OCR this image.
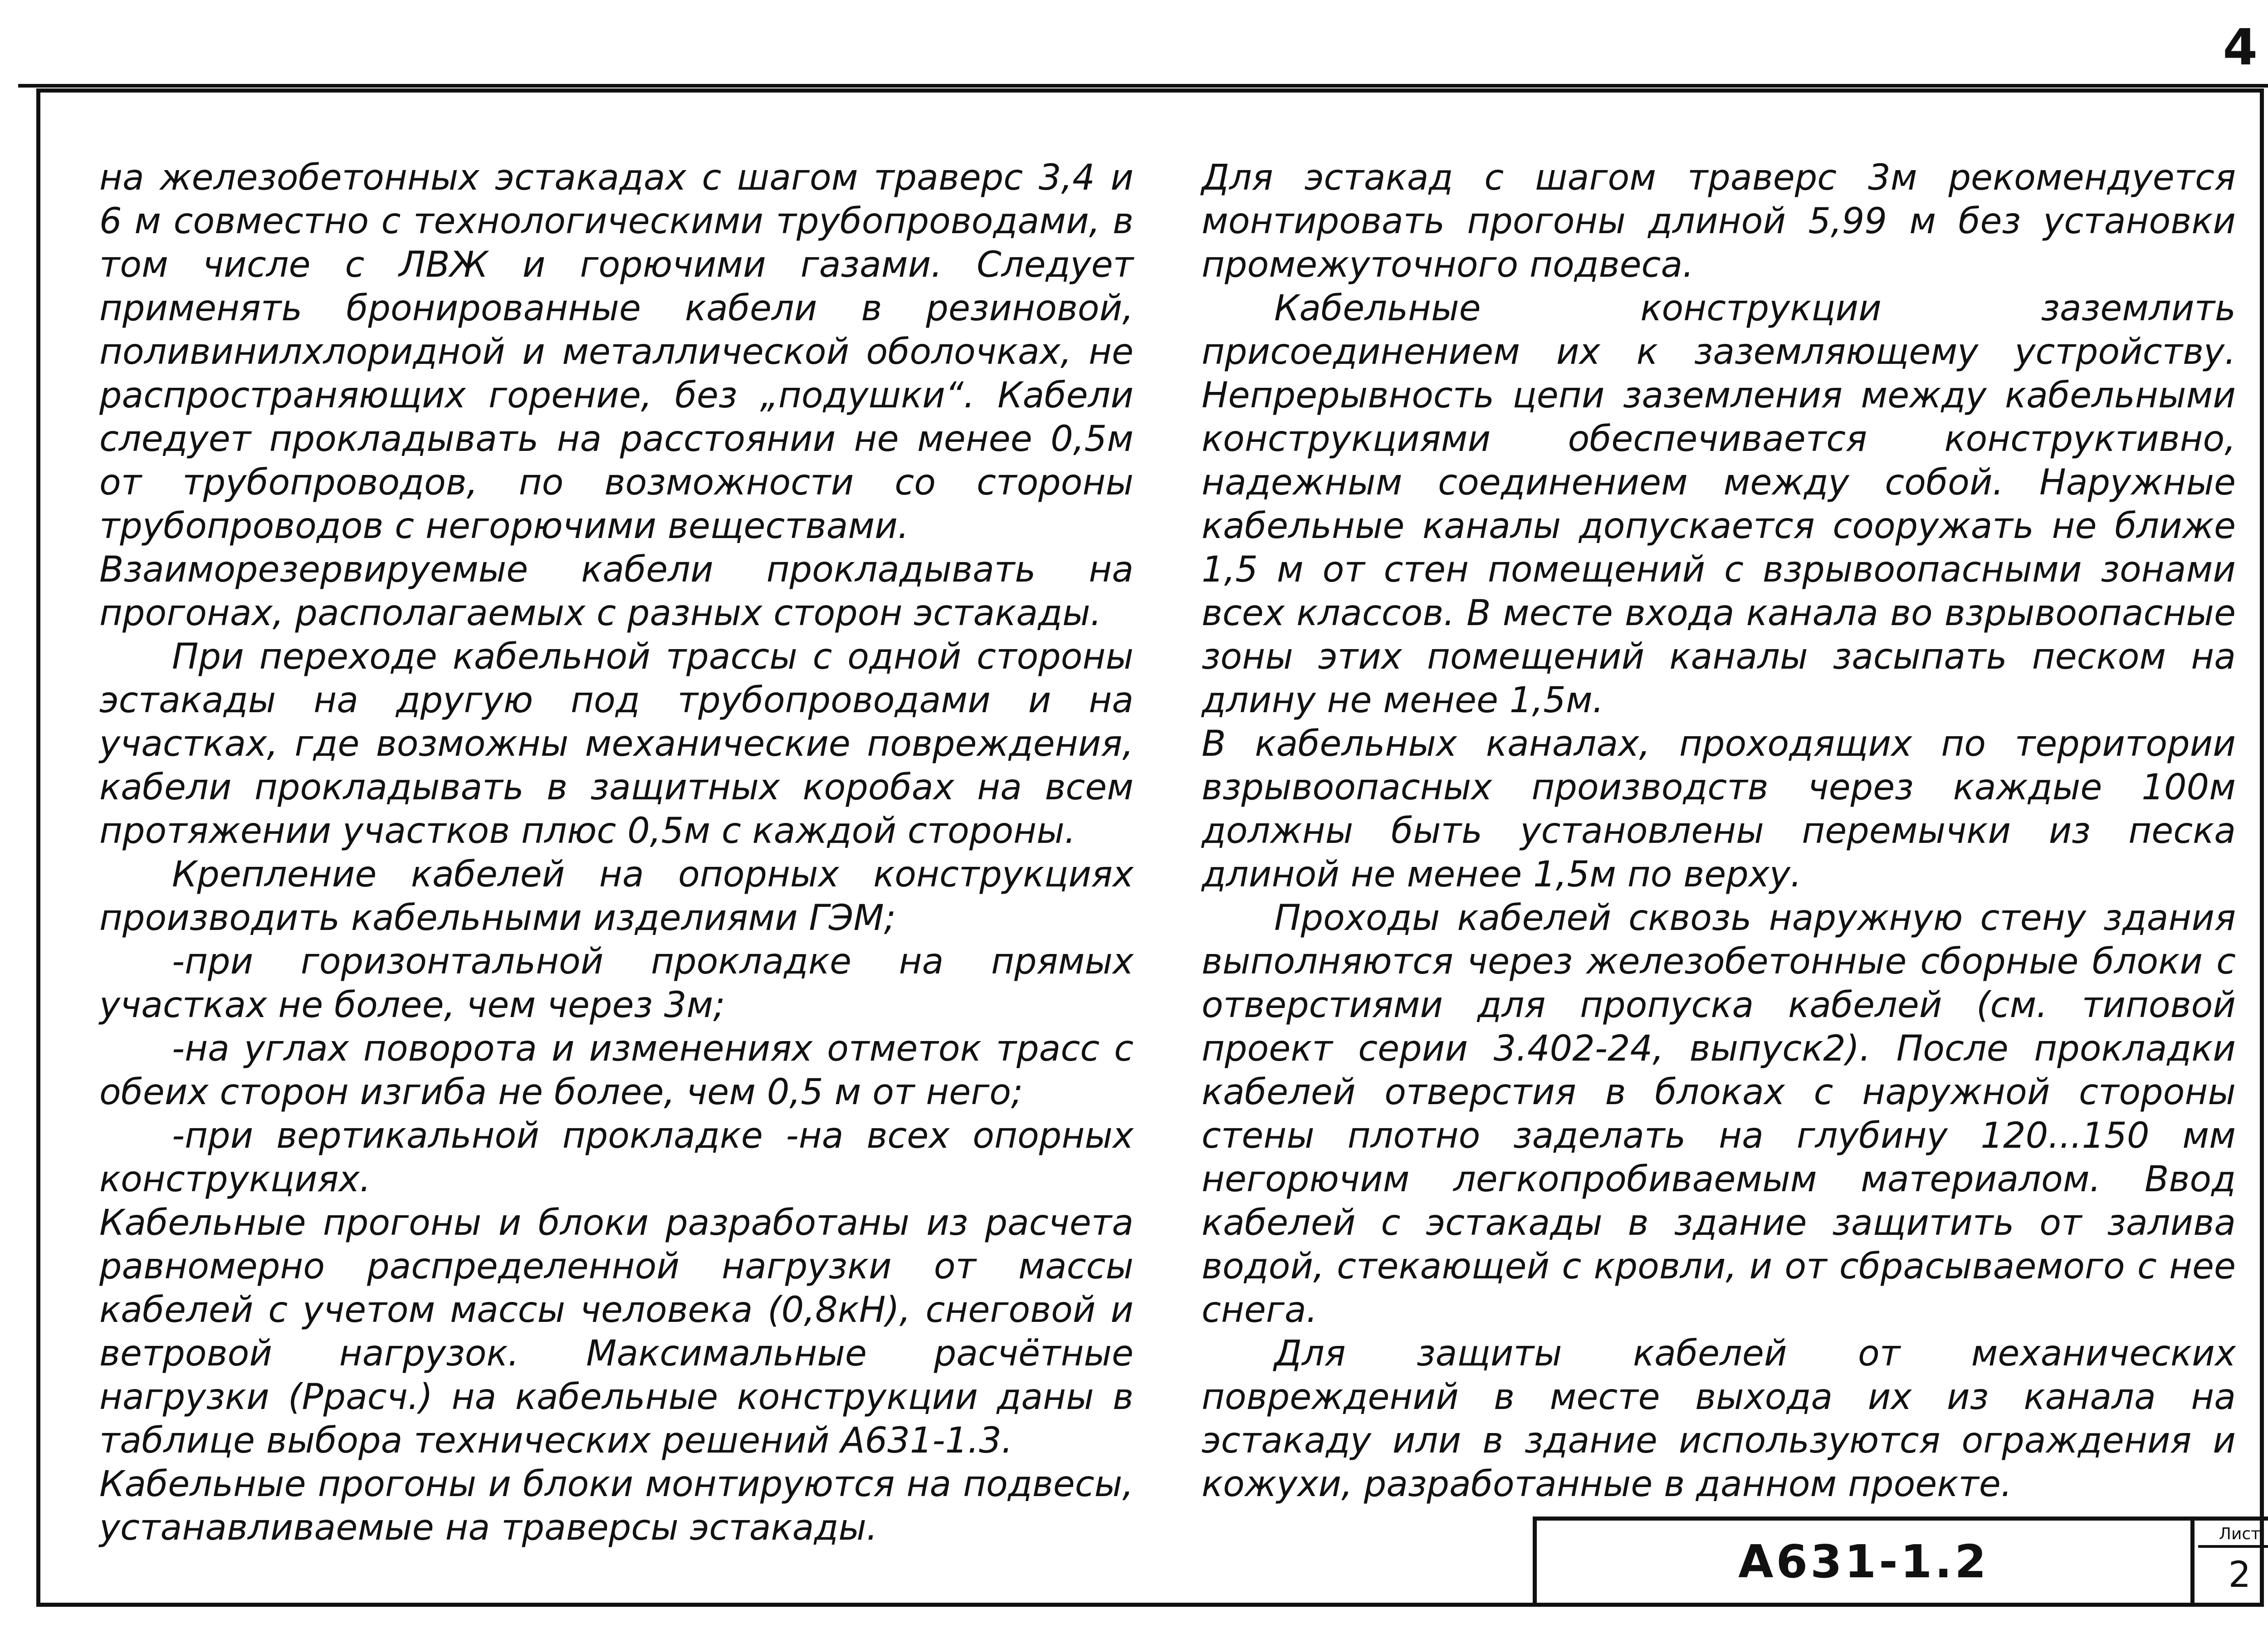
4

на железобетонных эстакадах с шагом траверс 3,4 и 6 м совместно с технологическими трубопроводами, в том числе с ЛВЖ и горючими газами. Следует применять бронированные кабели в резиновой, поливинилхлоридной и металлической оболочках, не распространяющих горение, без „подушки“. Кабели следует прокладывать на расстоянии не менее 0,5м от трубопроводов, по возможности со стороны трубопроводов с негорючими веществами.

Взаиморезервируемые кабели прокладывать на прогонах, располагаемых с разных сторон эстакады.

При переходе кабельной трассы с одной стороны эстакады на другую под трубопроводами и на участках, где возможны механические повреждения, кабели прокладывать в защитных коробах на всем протяжении участков плюс 0,5м с каждой стороны.

Крепление кабелей на опорных конструкциях производить кабельными изделиями ГЭМ;

-при горизонтальной прокладке на прямых участках не более, чем через 3м;

-на углах поворота и изменениях отметок трасс с обеих сторон изгиба не более, чем 0,5 м от него;

-при вертикальной прокладке -на всех опорных конструкциях.

Кабельные прогоны и блоки разработаны из расчета равномерно распределенной нагрузки от массы кабелей с учетом массы человека (0,8кН), снеговой и ветровой нагрузок. Максимальные расчётные нагрузки (Ррасч.) на кабельные конструкции даны в таблице выбора технических решений А631-1.3.

Кабельные прогоны и блоки монтируются на подвесы, устанавливаемые на траверсы эстакады.

Для эстакад с шагом траверс 3м рекомендуется монтировать прогоны длиной 5,99 м без установки промежуточного подвеса.

Кабельные конструкции заземлить присоединением их к заземляющему устройству. Непрерывность цепи заземления между кабельными конструкциями обеспечивается конструктивно, надежным соединением между собой. Наружные кабельные каналы допускается сооружать не ближе 1,5 м от стен помещений с взрывоопасными зонами всех классов. В месте входа канала во взрывоопасные зоны этих помещений каналы засыпать песком на длину не менее 1,5м.

В кабельных каналах, проходящих по территории взрывоопасных производств через каждые 100м должны быть установлены перемычки из песка длиной не менее 1,5м по верху.

Проходы кабелей сквозь наружную стену здания выполняются через железобетонные сборные блоки с отверстиями для пропуска кабелей (см. типовой проект серии 3.402-24, выпуск2). После прокладки кабелей отверстия в блоках с наружной стороны стены плотно заделать на глубину 120...150 мм негорючим легкопробиваемым материалом. Ввод кабелей с эстакады в здание защитить от залива водой, стекающей с кровли, и от сбрасываемого с нее снега.

Для защиты кабелей от механических повреждений в месте выхода их из канала на эстакаду или в здание используются ограждения и кожухи, разработанные в данном проекте.

А631-1.2
Лист
2
